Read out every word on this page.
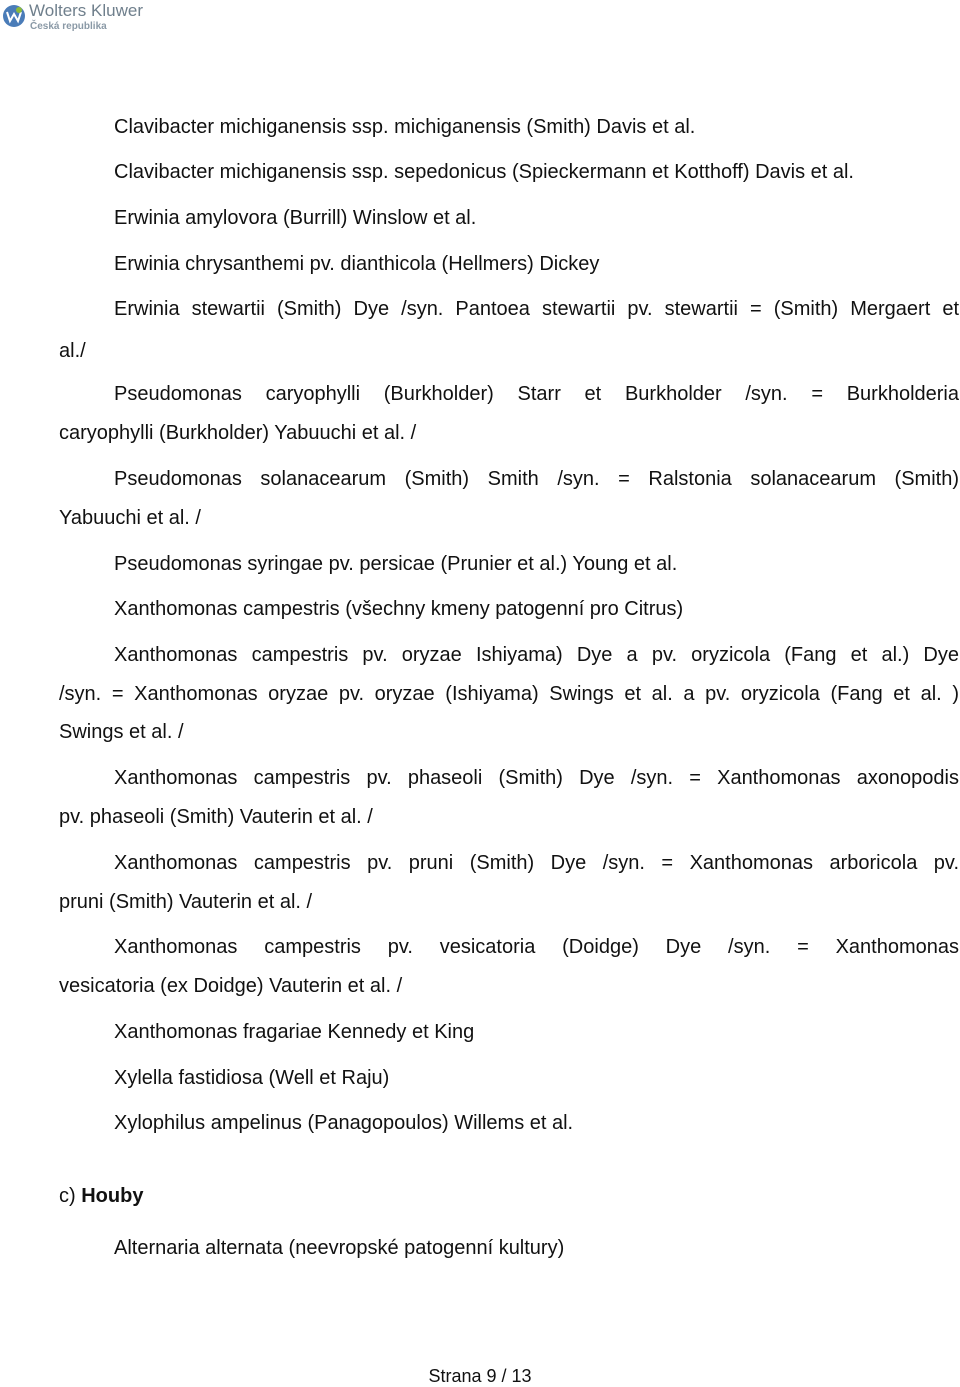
Wolters Kluwer
Česká republika
Clavibacter michiganensis ssp. michiganensis (Smith) Davis et al.
Clavibacter michiganensis ssp. sepedonicus (Spieckermann et Kotthoff) Davis et al.
Erwinia amylovora (Burrill) Winslow et al.
Erwinia chrysanthemi pv. dianthicola (Hellmers) Dickey
Erwinia stewartii (Smith) Dye /syn. Pantoea stewartii pv. stewartii = (Smith) Mergaert et
al./
Pseudomonas caryophylli (Burkholder) Starr et Burkholder /syn. = Burkholderia
caryophylli (Burkholder) Yabuuchi et al. /
Pseudomonas solanacearum (Smith) Smith /syn. = Ralstonia solanacearum (Smith)
Yabuuchi et al. /
Pseudomonas syringae pv. persicae (Prunier et al.) Young et al.
Xanthomonas campestris (všechny kmeny patogenní pro Citrus)
Xanthomonas campestris pv. oryzae Ishiyama) Dye a pv. oryzicola (Fang et al.) Dye
/syn. = Xanthomonas oryzae pv. oryzae (Ishiyama) Swings et al. a pv. oryzicola (Fang et al. )
Swings et al. /
Xanthomonas campestris pv. phaseoli (Smith) Dye /syn. = Xanthomonas axonopodis
pv. phaseoli (Smith) Vauterin et al. /
Xanthomonas campestris pv. pruni (Smith) Dye /syn. = Xanthomonas arboricola pv.
pruni (Smith) Vauterin et al. /
Xanthomonas campestris pv. vesicatoria (Doidge) Dye /syn. = Xanthomonas
vesicatoria (ex Doidge) Vauterin et al. /
Xanthomonas fragariae Kennedy et King
Xylella fastidiosa (Well et Raju)
Xylophilus ampelinus (Panagopoulos) Willems et al.
c) Houby
Alternaria alternata (neevropské patogenní kultury)
Strana 9 / 13
